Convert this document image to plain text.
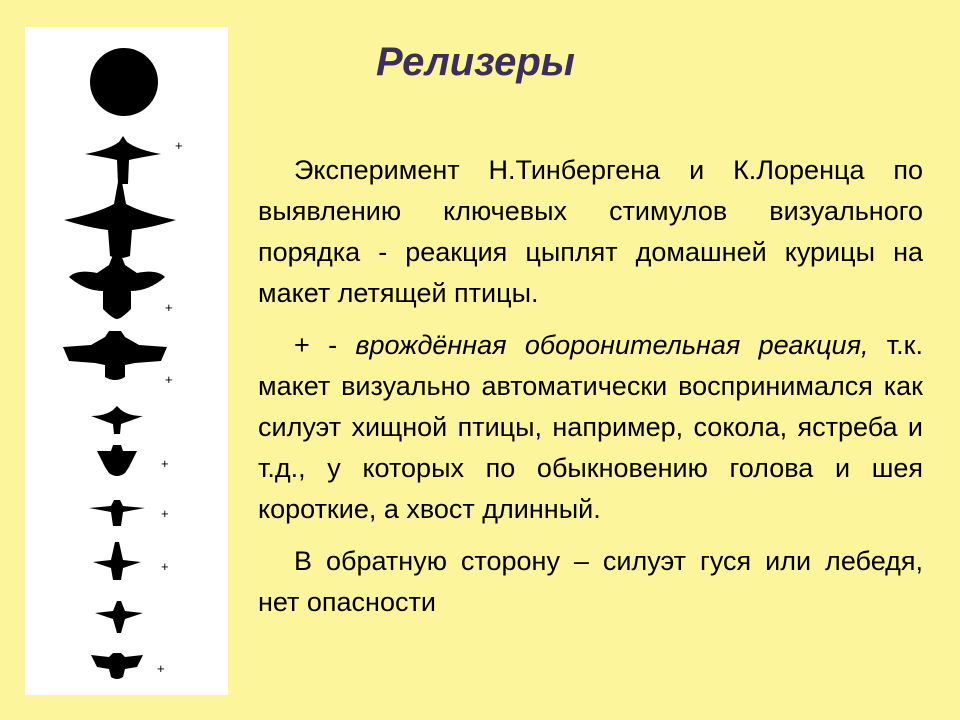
+
+
+
+
+
+
+
Релизеры

Эксперимент Н.Тинбергена и К.Лоренца по выявлению ключевых стимулов визуального порядка - реакция цыплят домашней курицы на макет летящей птицы.

+ - врождённая оборонительная реакция, т.к. макет визуально автоматически воспринимался как силуэт хищной птицы, например, сокола, ястреба и т.д., у которых по обыкновению голова и шея короткие, а хвост длинный.

В обратную сторону – силуэт гуся или лебедя, нет опасности
